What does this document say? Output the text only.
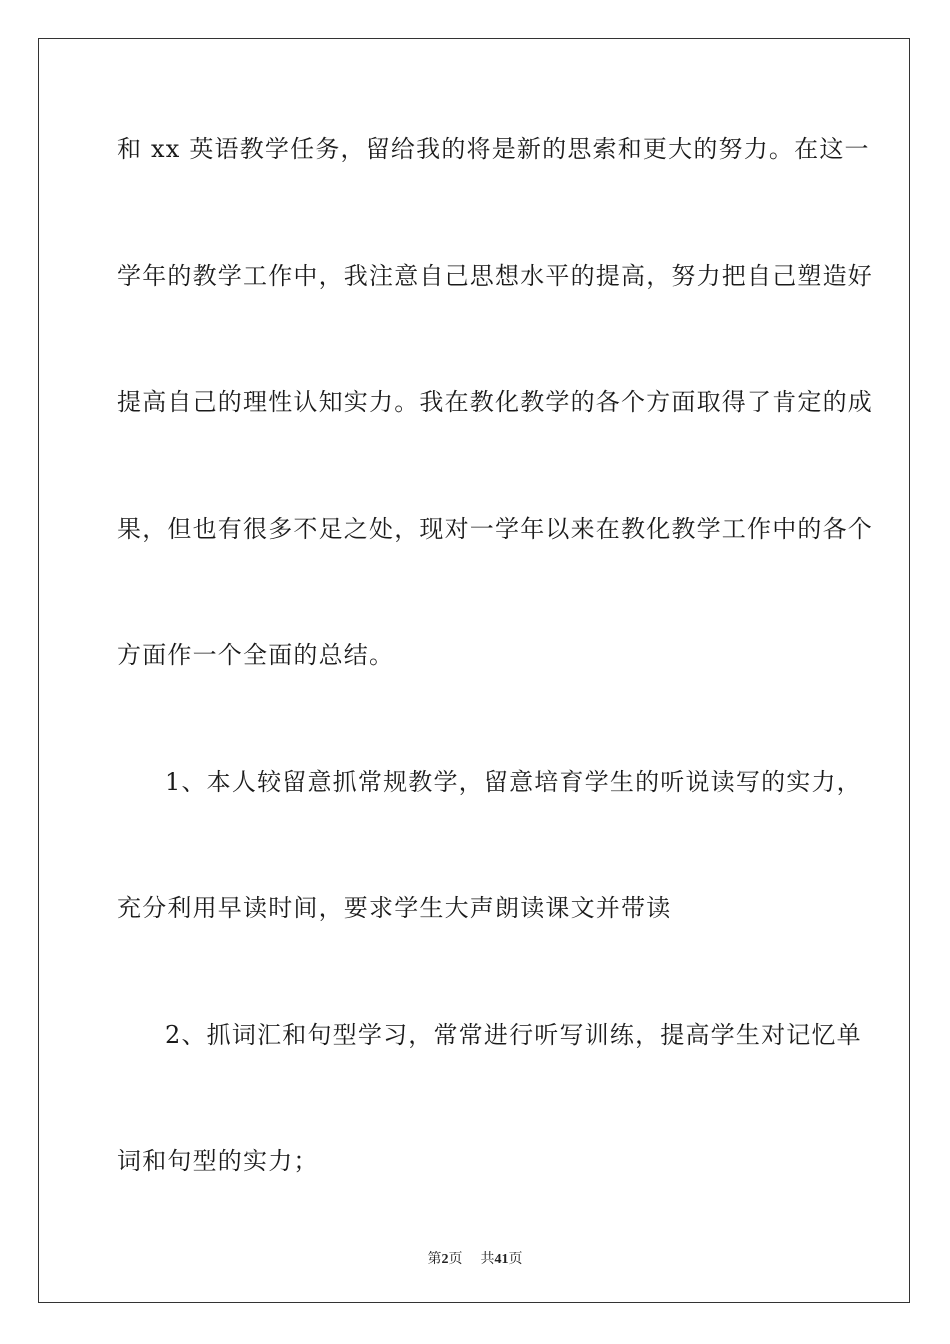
和 xx 英语教学任务，留给我的将是新的思索和更大的努力。在这一
学年的教学工作中，我注意自己思想水平的提高，努力把自己塑造好
提高自己的理性认知实力。我在教化教学的各个方面取得了肯定的成
果，但也有很多不足之处，现对一学年以来在教化教学工作中的各个
方面作一个全面的总结。
1、本人较留意抓常规教学，留意培育学生的听说读写的实力，
充分利用早读时间，要求学生大声朗读课文并带读
2、抓词汇和句型学习，常常进行听写训练，提高学生对记忆单
词和句型的实力；
第2页 共41页
